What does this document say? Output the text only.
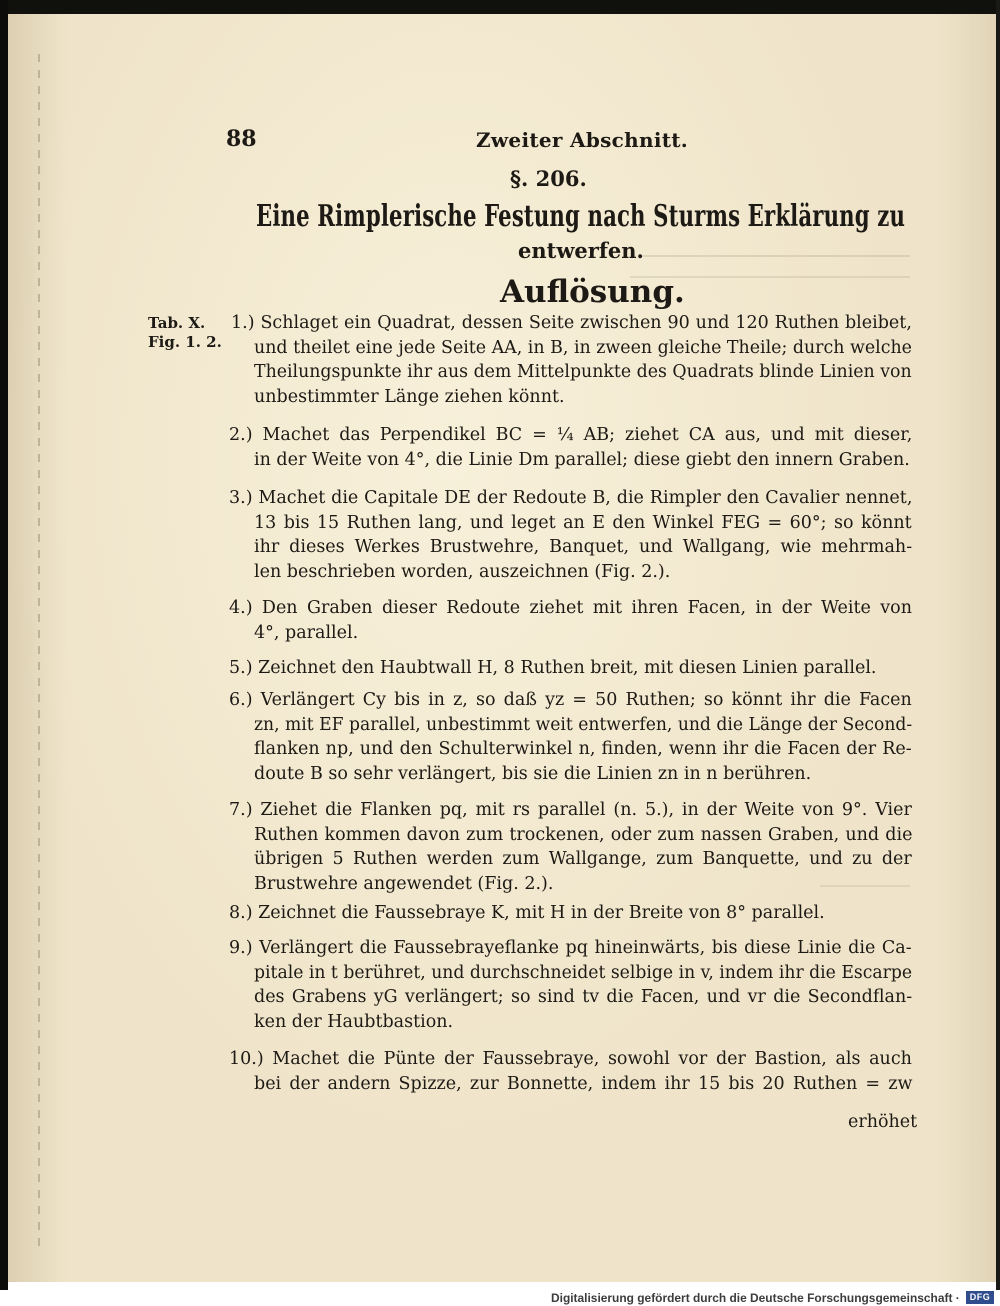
88	Zweiter Abschnitt.
§. 206.
Eine Rimplerische Festung nach Sturms Erklärung zu
entwerfen.
Auflösung.
Tab. X.
Fig. 1. 2.
1.) Schlaget ein Quadrat, dessen Seite zwischen 90 und 120 Ruthen bleibet,
und theilet eine jede Seite AA, in B, in zween gleiche Theile; durch welche
Theilungspunkte ihr aus dem Mittelpunkte des Quadrats blinde Linien von
unbestimmter Länge ziehen könnt.
2.) Machet das Perpendikel BC = ¼ AB; ziehet CA aus, und mit dieser,
in der Weite von 4°, die Linie Dm parallel; diese giebt den innern Graben.
3.) Machet die Capitale DE der Redoute B, die Rimpler den Cavalier nennet,
13 bis 15 Ruthen lang, und leget an E den Winkel FEG = 60°; so könnt
ihr dieses Werkes Brustwehre, Banquet, und Wallgang, wie mehrmah-
len beschrieben worden, auszeichnen (Fig. 2.).
4.) Den Graben dieser Redoute ziehet mit ihren Facen, in der Weite von
4°, parallel.
5.) Zeichnet den Haubtwall H, 8 Ruthen breit, mit diesen Linien parallel.
6.) Verlängert Cy bis in z, so daß yz = 50 Ruthen; so könnt ihr die Facen
zn, mit EF parallel, unbestimmt weit entwerfen, und die Länge der Second-
flanken np, und den Schulterwinkel n, finden, wenn ihr die Facen der Re-
doute B so sehr verlängert, bis sie die Linien zn in n berühren.
7.) Ziehet die Flanken pq, mit rs parallel (n. 5.), in der Weite von 9°. Vier
Ruthen kommen davon zum trockenen, oder zum nassen Graben, und die
übrigen 5 Ruthen werden zum Wallgange, zum Banquette, und zu der
Brustwehre angewendet (Fig. 2.).
8.) Zeichnet die Faussebraye K, mit H in der Breite von 8° parallel.
9.) Verlängert die Faussebrayeflanke pq hineinwärts, bis diese Linie die Ca-
pitale in t berühret, und durchschneidet selbige in v, indem ihr die Escarpe
des Grabens yG verlängert; so sind tv die Facen, und vr die Secondflan-
ken der Haubtbastion.
10.) Machet die Pünte der Faussebraye, sowohl vor der Bastion, als auch
bei der andern Spizze, zur Bonnette, indem ihr 15 bis 20 Ruthen = zw
erhöhet
Digitalisierung gefördert durch die Deutsche Forschungsgemeinschaft ·	DFG
